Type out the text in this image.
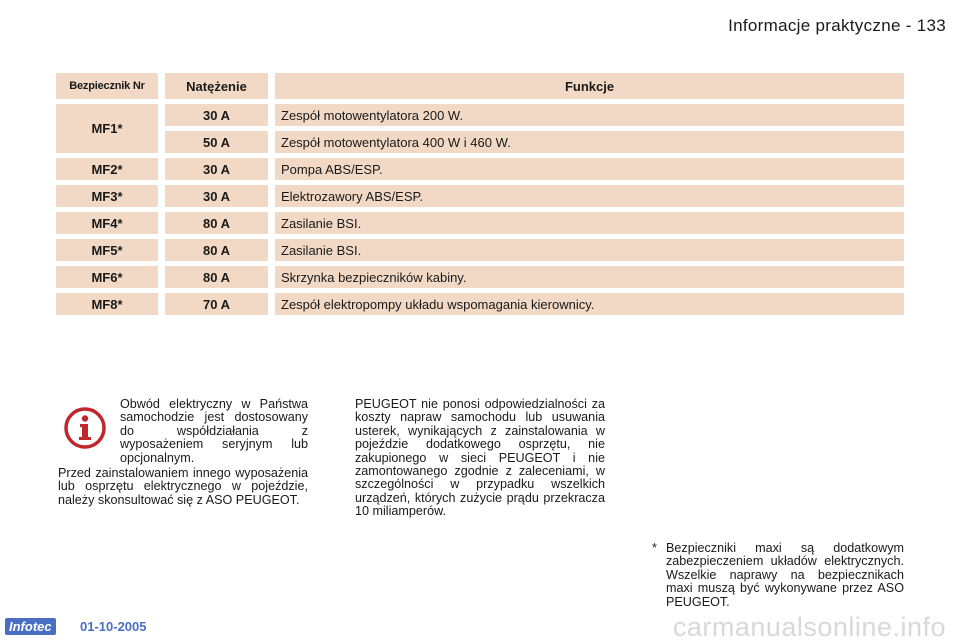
Informacje praktyczne - 133
Bezpiecznik Nr	Natężenie	Funkcje
MF1*	30 A	Zespół motowentylatora 200 W.
	50 A	Zespół motowentylatora 400 W i 460 W.
MF2*	30 A	Pompa ABS/ESP.
MF3*	30 A	Elektrozawory ABS/ESP.
MF4*	80 A	Zasilanie BSI.
MF5*	80 A	Zasilanie BSI.
MF6*	80 A	Skrzynka bezpieczników kabiny.
MF8*	70 A	Zespół elektropompy układu wspomagania kierownicy.
Obwód elektryczny w Państwa samochodzie jest dostosowany do współdziałania z wyposażeniem seryjnym lub opcjonalnym.
Przed zainstalowaniem innego wyposażenia lub osprzętu elektrycznego w pojeździe, należy skonsultować się z ASO PEUGEOT.
PEUGEOT nie ponosi odpowiedzialności za koszty napraw samochodu lub usuwania usterek, wynikających z zainstalowania w pojeździe dodatkowego osprzętu, nie zakupionego w sieci PEUGEOT i nie zamontowanego zgodnie z zaleceniami, w szczególności w przypadku wszelkich urządzeń, których zużycie prądu przekracza 10 miliamperów.
* Bezpieczniki maxi są dodatkowym zabezpieczeniem układów elektrycznych. Wszelkie naprawy na bezpiecznikach maxi muszą być wykonywane przez ASO PEUGEOT.
Infotec	01-10-2005	carmanualsonline.info
